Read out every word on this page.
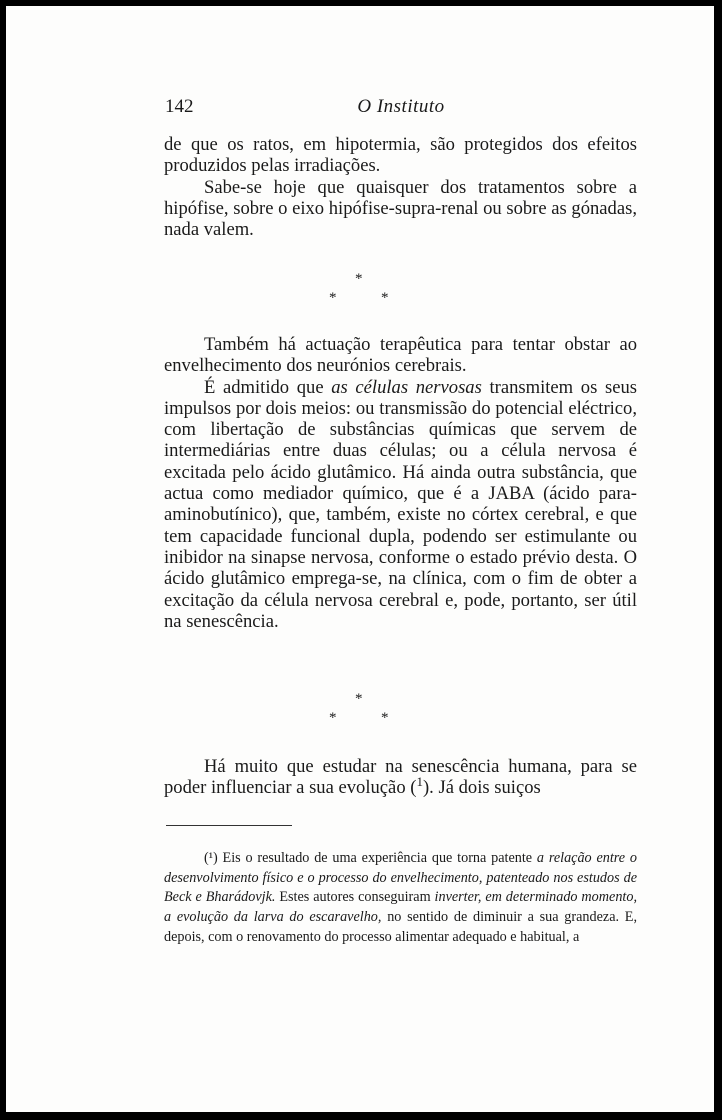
142	O Instituto

de que os ratos, em hipotermia, são protegidos dos efeitos produzidos pelas irradiações.

Sabe-se hoje que quaisquer dos tratamentos sobre a hipófise, sobre o eixo hipófise-supra-renal ou sobre as gónadas, nada valem.

*
*	*

Também há actuação terapêutica para tentar obstar ao envelhecimento dos neurónios cerebrais.

É admitido que as células nervosas transmitem os seus impulsos por dois meios: ou transmissão do potencial eléctrico, com libertação de substâncias químicas que servem de intermediárias entre duas células; ou a célula nervosa é excitada pelo ácido glutâmico. Há ainda outra substância, que actua como mediador químico, que é a JABA (ácido para-aminobutínico), que, também, existe no córtex cerebral, e que tem capacidade funcional dupla, podendo ser estimulante ou inibidor na sinapse nervosa, conforme o estado prévio desta. O ácido glutâmico emprega-se, na clínica, com o fim de obter a excitação da célula nervosa cerebral e, pode, portanto, ser útil na senescência.

*
*	*

Há muito que estudar na senescência humana, para se poder influenciar a sua evolução ($^1$). Já dois suiços

(¹) Eis o resultado de uma experiência que torna patente a relação entre o desenvolvimento físico e o processo do envelhecimento, patenteado nos estudos de Beck e Bharádovjk. Estes autores conseguiram inverter, em determinado momento, a evolução da larva do escaravelho, no sentido de diminuir a sua grandeza. E, depois, com o renovamento do processo alimentar adequado e habitual, a
